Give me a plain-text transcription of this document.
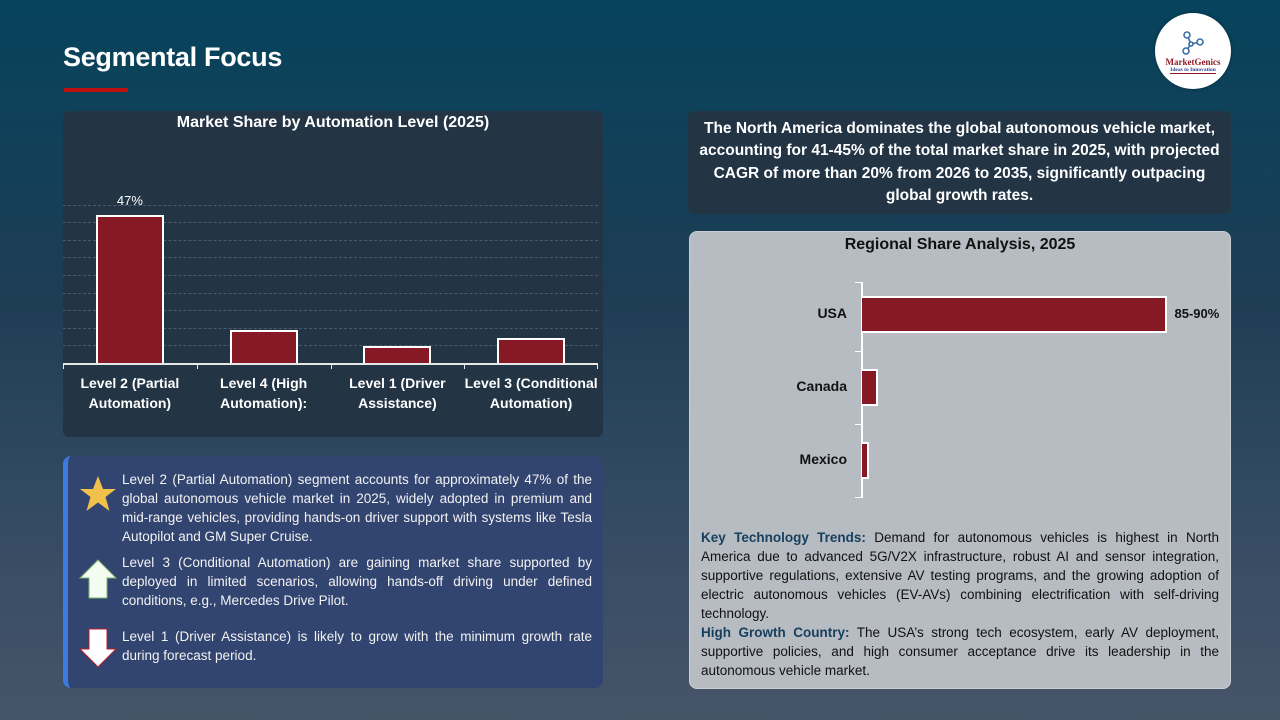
Segmental Focus	MarketGenics
Ideas to Innovation
Market Share by Automation Level (2025)
47%
Level 2 (Partial
Automation)
Level 4 (High
Automation):
Level 1 (Driver
Assistance)
Level 3 (Conditional
Automation)
Level 2 (Partial Automation) segment accounts for approximately 47% of the global autonomous vehicle market in 2025, widely adopted in premium and mid-range vehicles, providing hands-on driver support with systems like Tesla Autopilot and GM Super Cruise.
Level 3 (Conditional Automation) are gaining market share supported by deployed in limited scenarios, allowing hands-off driving under defined conditions, e.g., Mercedes Drive Pilot.
Level 1 (Driver Assistance) is likely to grow with the minimum growth rate during forecast period.
The North America dominates the global autonomous vehicle market, accounting for 41-45% of the total market share in 2025, with projected CAGR of more than 20% from 2026 to 2035, significantly outpacing global growth rates.
Regional Share Analysis, 2025
USA	85-90%
Canada
Mexico
Key Technology Trends: Demand for autonomous vehicles is highest in North America due to advanced 5G/V2X infrastructure, robust AI and sensor integration, supportive regulations, extensive AV testing programs, and the growing adoption of electric autonomous vehicles (EV-AVs) combining electrification with self-driving technology.
High Growth Country: The USA’s strong tech ecosystem, early AV deployment, supportive policies, and high consumer acceptance drive its leadership in the autonomous vehicle market.
